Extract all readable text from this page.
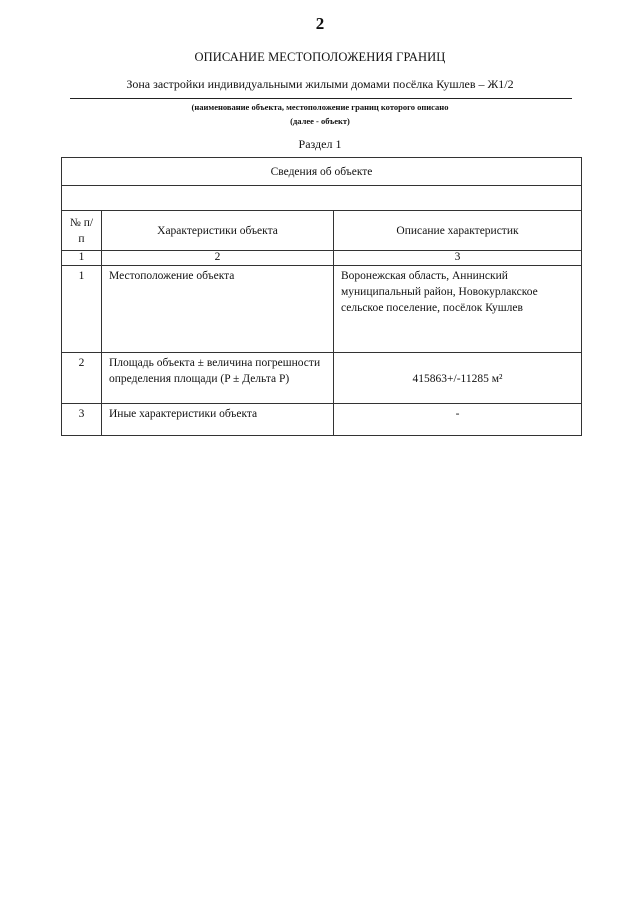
2
ОПИСАНИЕ МЕСТОПОЛОЖЕНИЯ ГРАНИЦ
Зона застройки индивидуальными жилыми домами посёлка Кушлев – Ж1/2
(наименование объекта, местоположение границ которого описано
(далее - объект)
Раздел 1
Сведения об объекте		

№ п/п	Характеристики объекта	Описание характеристик
1	2	3
1	Местоположение объекта	Воронежская область, Аннинский муниципальный район, Новокурлакское сельское поселение, посёлок Кушлев
2	Площадь объекта ± величина погрешности определения площади (P ± Дельта P)	415863+/-11285 м²
3	Иные характеристики объекта	-
